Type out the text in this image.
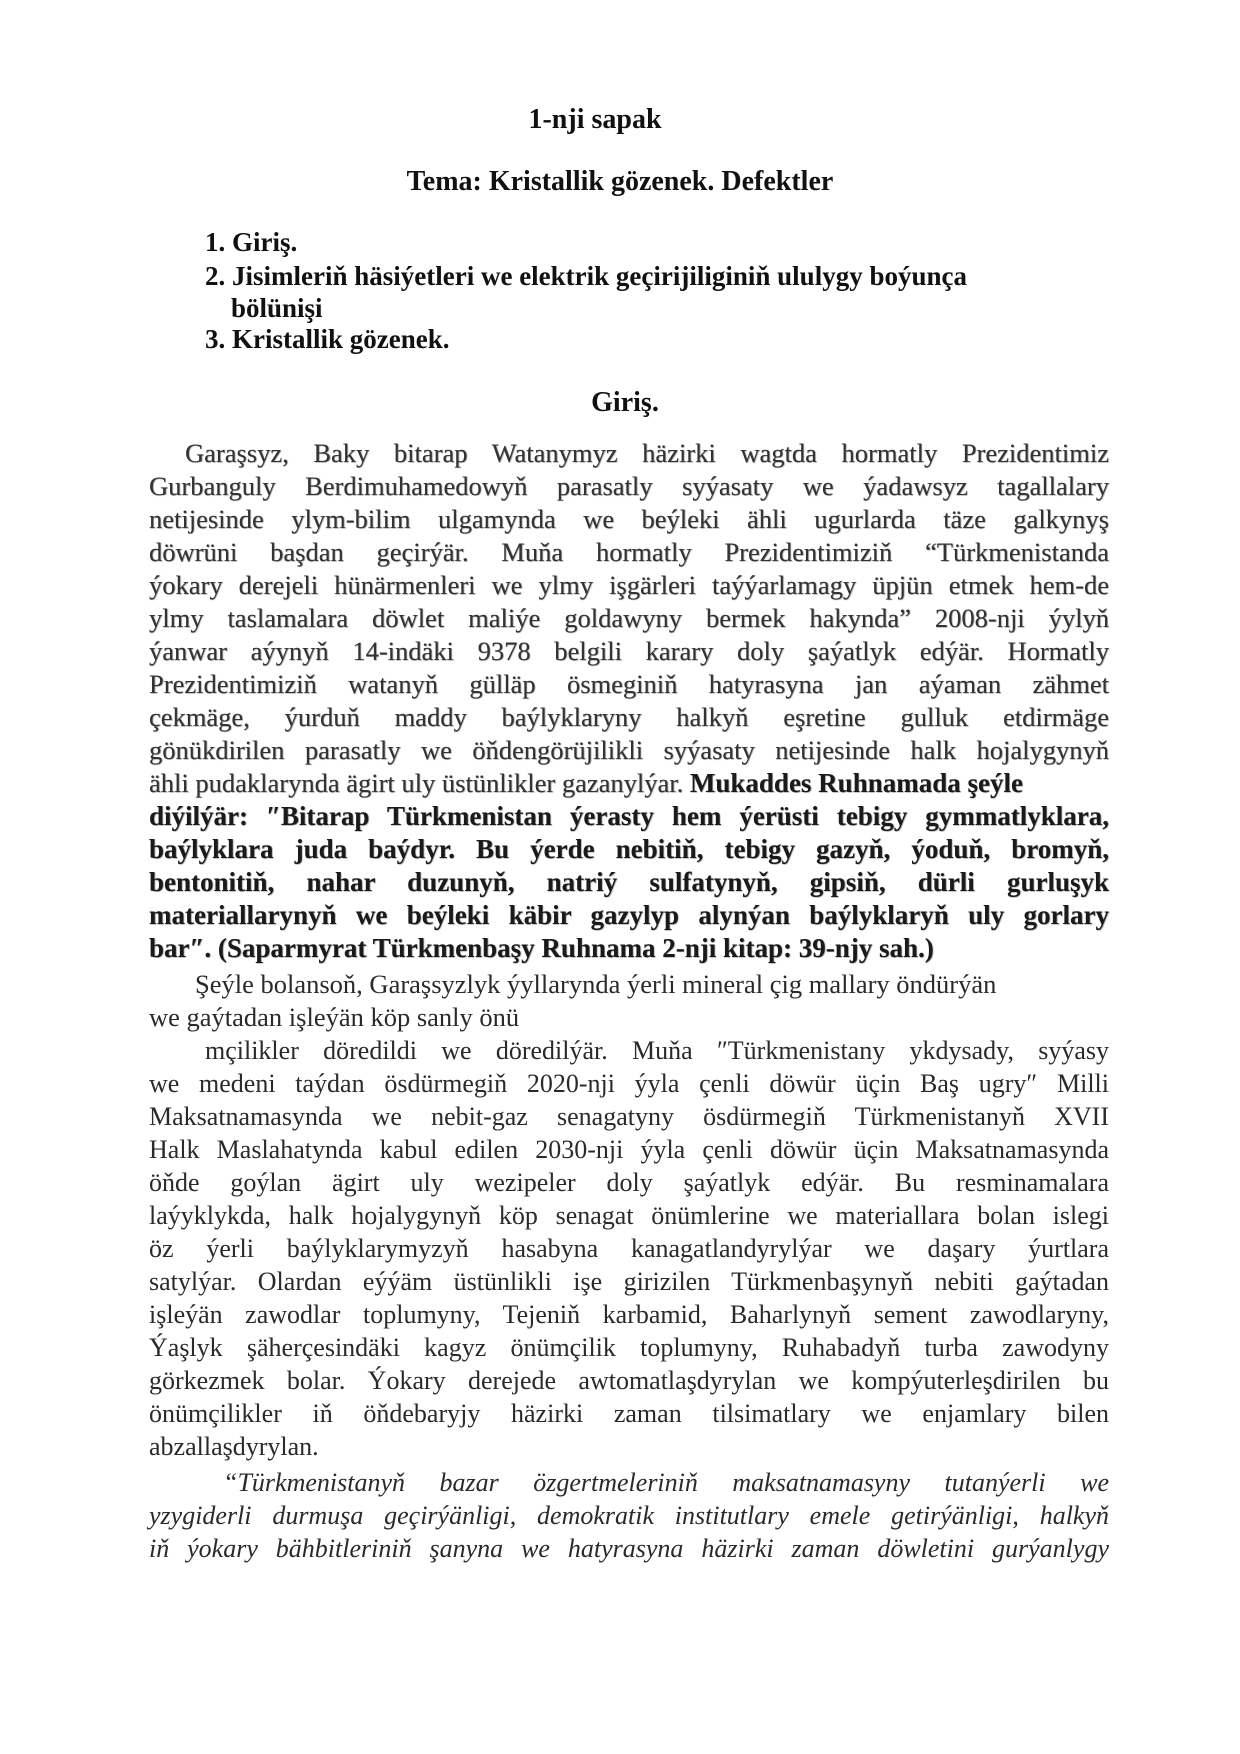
1-nji sapak
Tema: Kristallik gözenek. Defektler
1. Giriş.
2. Jisimleriň häsiýetleri we elektrik geçirijiliginiň ululygy boýunça
bölünişi
3. Kristallik gözenek.
Giriş.
Garaşsyz, Baky bitarap Watanymyz häzirki wagtda hormatly Prezidentimiz
Gurbanguly Berdimuhamedowyň parasatly syýasaty we ýadawsyz tagallalary
netijesinde ylym-bilim ulgamynda we beýleki ähli ugurlarda täze galkynyş
döwrüni başdan geçirýär. Muňa hormatly Prezidentimiziň “Türkmenistanda
ýokary derejeli hünärmenleri we ylmy işgärleri taýýarlamagy üpjün etmek hem-de
ylmy taslamalara döwlet maliýe goldawyny bermek hakynda” 2008-nji ýylyň
ýanwar aýynyň 14-indäki 9378 belgili karary doly şaýatlyk edýär. Hormatly
Prezidentimiziň watanyň gülläp ösmeginiň hatyrasyna jan aýaman zähmet
çekmäge, ýurduň maddy baýlyklaryny halkyň eşretine gulluk etdirmäge
gönükdirilen parasatly we öňdengörüjilikli syýasaty netijesinde halk hojalygynyň
ähli pudaklarynda ägirt uly üstünlikler gazanylýar. Mukaddes Ruhnamada şeýle
diýilýär: ″Bitarap Türkmenistan ýerasty hem ýerüsti tebigy gymmatlyklara,
baýlyklara juda baýdyr. Bu ýerde nebitiň, tebigy gazyň, ýoduň, bromyň,
bentonitiň, nahar duzunyň, natriý sulfatynyň, gipsiň, dürli gurluşyk
materiallarynyň we beýleki käbir gazylyp alynýan baýlyklaryň uly gorlary
bar″. (Saparmyrat Türkmenbaşy Ruhnama 2-nji kitap: 39-njy sah.)
Şeýle bolansoň, Garaşsyzlyk ýyllarynda ýerli mineral çig mallary öndürýän
we gaýtadan işleýän köp sanly önü
mçilikler döredildi we döredilýär. Muňa ″Türkmenistany ykdysady, syýasy
we medeni taýdan ösdürmegiň 2020-nji ýyla çenli döwür üçin Baş ugry″ Milli
Maksatnamasynda we nebit-gaz senagatyny ösdürmegiň Türkmenistanyň XVII
Halk Maslahatynda kabul edilen 2030-nji ýyla çenli döwür üçin Maksatnamasynda
öňde goýlan ägirt uly wezipeler doly şaýatlyk edýär. Bu resminamalara
laýyklykda, halk hojalygynyň köp senagat önümlerine we materiallara bolan islegi
öz ýerli baýlyklarymyzyň hasabyna kanagatlandyrylýar we daşary ýurtlara
satylýar. Olardan eýýäm üstünlikli işe girizilen Türkmenbaşynyň nebiti gaýtadan
işleýän zawodlar toplumyny, Tejeniň karbamid, Baharlynyň sement zawodlaryny,
Ýaşlyk şäherçesindäki kagyz önümçilik toplumyny, Ruhabadyň turba zawodyny
görkezmek bolar. Ýokary derejede awtomatlaşdyrylan we kompýuterleşdirilen bu
önümçilikler iň öňdebaryjy häzirki zaman tilsimatlary we enjamlary bilen
abzallaşdyrylan.
“Türkmenistanyň bazar özgertmeleriniň maksatnamasyny tutanýerli we
yzygiderli durmuşa geçirýänligi, demokratik institutlary emele getirýänligi, halkyň
iň ýokary bähbitleriniň şanyna we hatyrasyna häzirki zaman döwletini gurýanlygy
